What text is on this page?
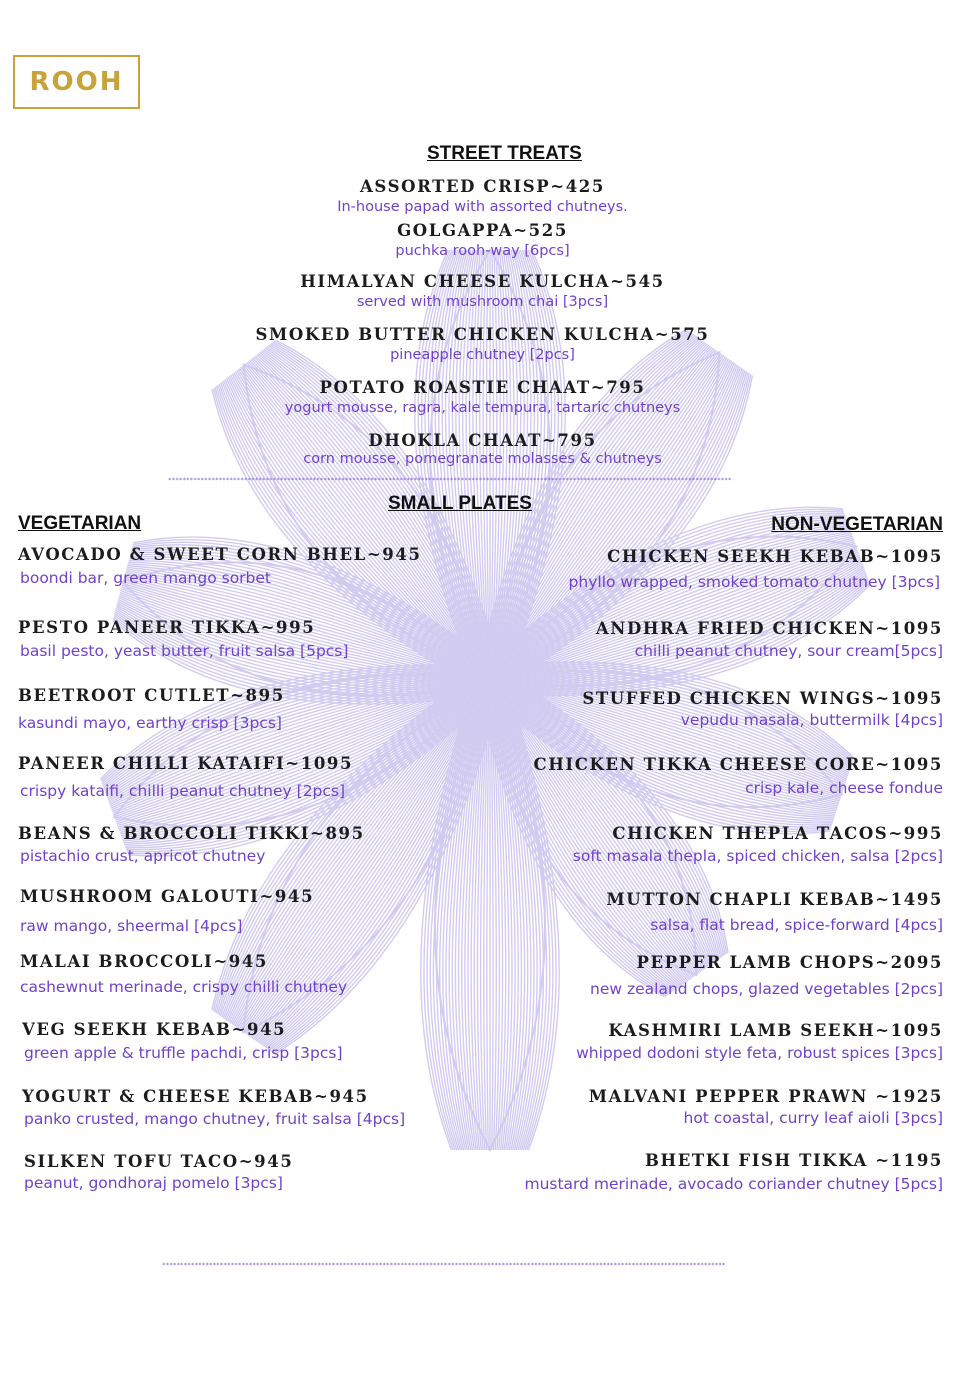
ROOH
STREET TREATS
ASSORTED CRISP~425
In-house papad with assorted chutneys.
GOLGAPPA~525
puchka rooh-way [6pcs]
HIMALYAN CHEESE KULCHA~545
served with mushroom chai [3pcs]
SMOKED BUTTER CHICKEN KULCHA~575
pineapple chutney [2pcs]
POTATO ROASTIE CHAAT~795
yogurt mousse, ragra, kale tempura, tartaric chutneys
DHOKLA CHAAT~795
corn mousse, pomegranate molasses & chutneys
************************************************************************************************************************************************************
SMALL PLATES
VEGETARIAN	NON-VEGETARIAN
AVOCADO & SWEET CORN BHEL~945
boondi bar, green mango sorbet
PESTO PANEER TIKKA~995
basil pesto, yeast butter, fruit salsa [5pcs]
BEETROOT CUTLET~895
kasundi mayo, earthy crisp [3pcs]
PANEER CHILLI KATAIFI~1095
crispy kataifi, chilli peanut chutney [2pcs]
BEANS & BROCCOLI TIKKI~895
pistachio crust, apricot chutney
MUSHROOM GALOUTI~945
raw mango, sheermal [4pcs]
MALAI BROCCOLI~945
cashewnut merinade, crispy chilli chutney
VEG SEEKH KEBAB~945
green apple & truffle pachdi, crisp [3pcs]
YOGURT & CHEESE KEBAB~945
panko crusted, mango chutney, fruit salsa [4pcs]
SILKEN TOFU TACO~945
peanut, gondhoraj pomelo [3pcs]
CHICKEN SEEKH KEBAB~1095
phyllo wrapped, smoked tomato chutney [3pcs]
ANDHRA FRIED CHICKEN~1095
chilli peanut chutney, sour cream[5pcs]
STUFFED CHICKEN WINGS~1095
vepudu masala, buttermilk [4pcs]
CHICKEN TIKKA CHEESE CORE~1095
crisp kale, cheese fondue
CHICKEN THEPLA TACOS~995
soft masala thepla, spiced chicken, salsa [2pcs]
MUTTON CHAPLI KEBAB~1495
salsa, flat bread, spice-forward [4pcs]
PEPPER LAMB CHOPS~2095
new zealand chops, glazed vegetables [2pcs]
KASHMIRI LAMB SEEKH~1095
whipped dodoni style feta, robust spices [3pcs]
MALVANI PEPPER PRAWN ~1925
hot coastal, curry leaf aioli [3pcs]
BHETKI FISH TIKKA ~1195
mustard merinade, avocado coriander chutney [5pcs]
************************************************************************************************************************************************************
